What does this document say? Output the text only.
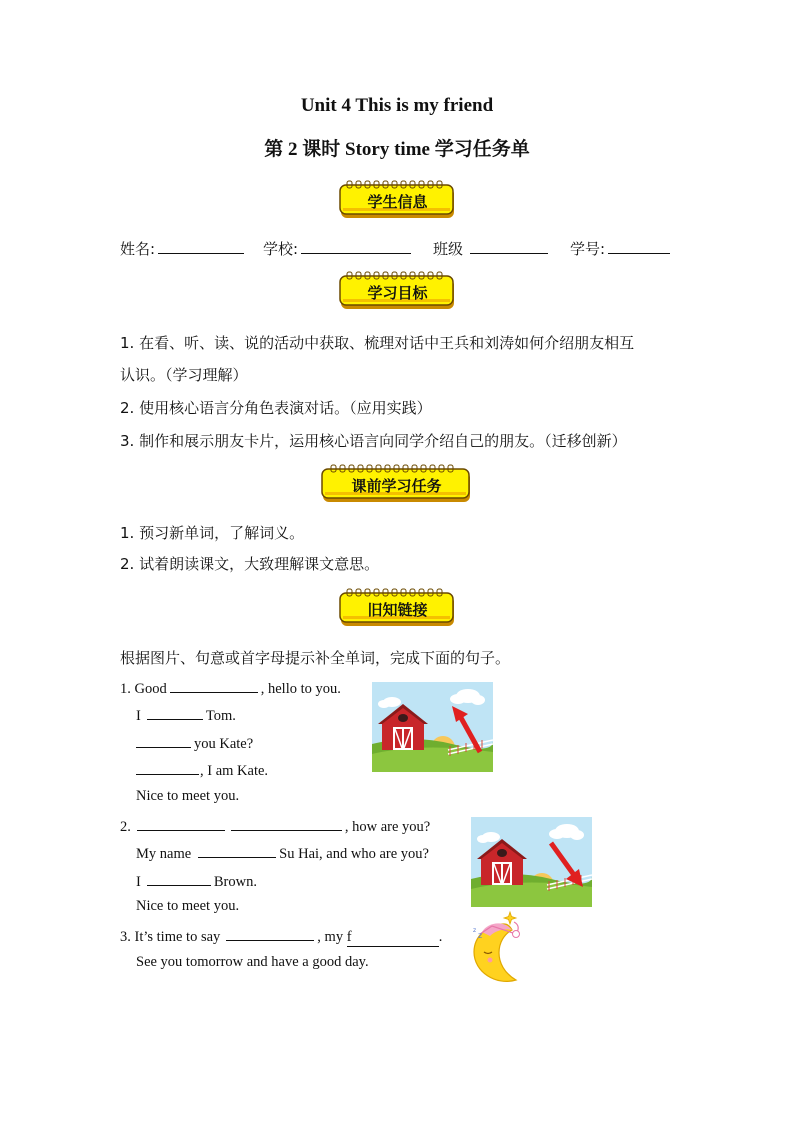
Unit 4 This is my friend
第 2 课时 Story time 学习任务单
学生信息
姓名:	学校:	班级	学号:
学习目标
1. 在看、听、读、说的活动中获取、梳理对话中王兵和刘涛如何介绍朋友相互
认识。（学习理解）
2. 使用核心语言分角色表演对话。（应用实践）
3. 制作和展示朋友卡片，运用核心语言向同学介绍自己的朋友。（迁移创新）
课前学习任务
1. 预习新单词，了解词义。
2. 试着朗读课文，大致理解课文意思。
旧知链接
根据图片、句意或首字母提示补全单词，完成下面的句子。
1. Good	, hello to you.
I	Tom.
you Kate?
, I am Kate.
Nice to meet you.
2.	, how are you?
My name	Su Hai, and who are you?
I	Brown.
Nice to meet you.
3. It’s time to say	, my f	.
See you tomorrow and have a good day.
z
z
